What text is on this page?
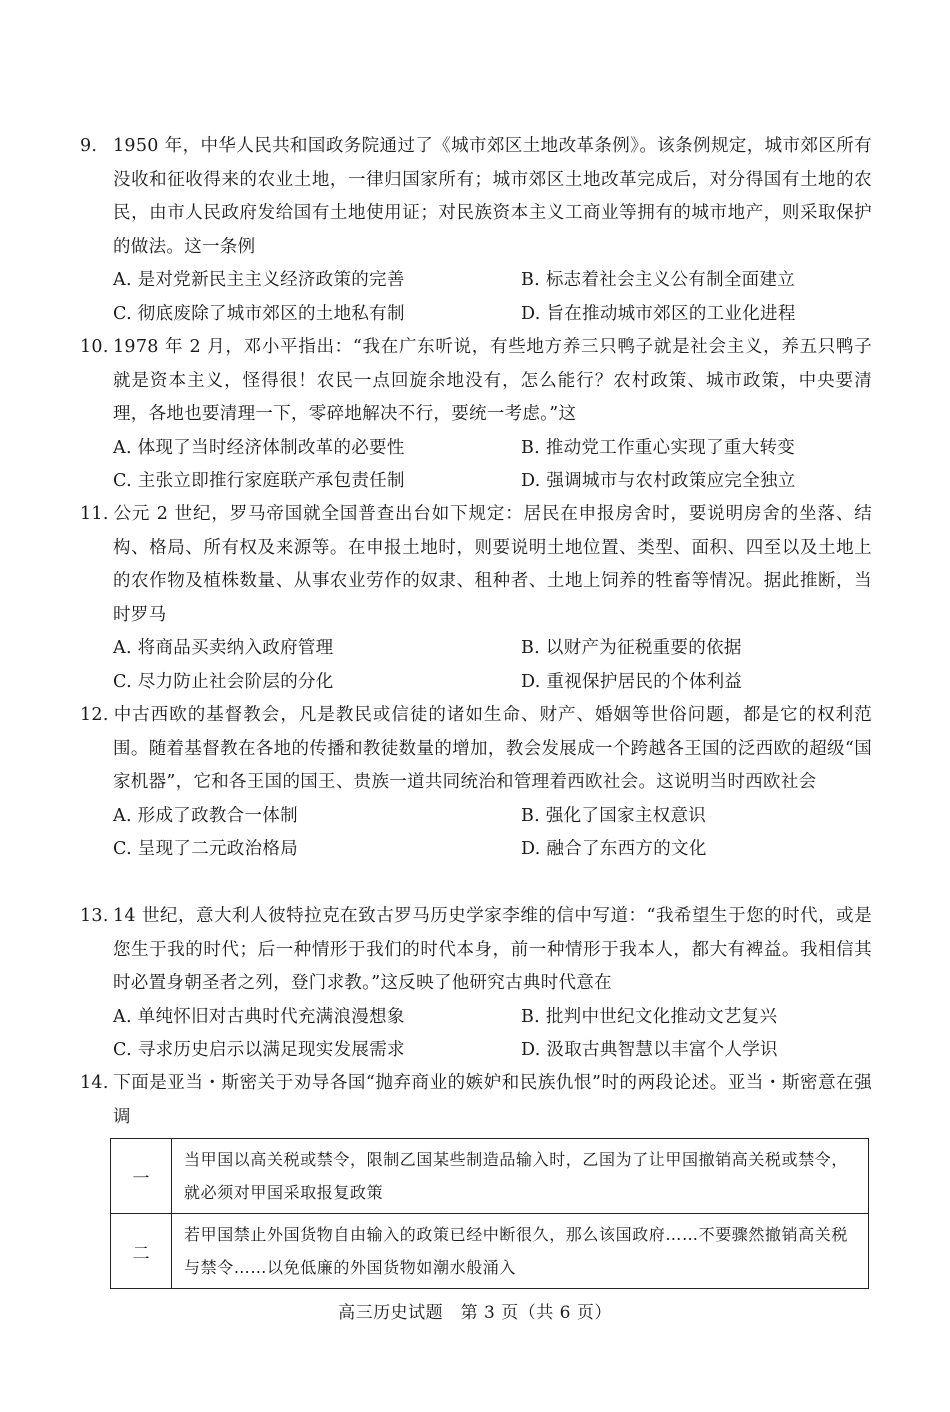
9. 1950 年，中华人民共和国政务院通过了《城市郊区土地改革条例》。该条例规定，城市郊区所有没收和征收得来的农业土地，一律归国家所有；城市郊区土地改革完成后，对分得国有土地的农民，由市人民政府发给国有土地使用证；对民族资本主义工商业等拥有的城市地产，则采取保护的做法。这一条例
A. 是对党新民主主义经济政策的完善	B. 标志着社会主义公有制全面建立
C. 彻底废除了城市郊区的土地私有制	D. 旨在推动城市郊区的工业化进程
10. 1978 年 2 月，邓小平指出：“我在广东听说，有些地方养三只鸭子就是社会主义，养五只鸭子就是资本主义，怪得很！农民一点回旋余地没有，怎么能行？农村政策、城市政策，中央要清理，各地也要清理一下，零碎地解决不行，要统一考虑。”这
A. 体现了当时经济体制改革的必要性	B. 推动党工作重心实现了重大转变
C. 主张立即推行家庭联产承包责任制	D. 强调城市与农村政策应完全独立
11. 公元 2 世纪，罗马帝国就全国普查出台如下规定：居民在申报房舍时，要说明房舍的坐落、结构、格局、所有权及来源等。在申报土地时，则要说明土地位置、类型、面积、四至以及土地上的农作物及植株数量、从事农业劳作的奴隶、租种者、土地上饲养的牲畜等情况。据此推断，当时罗马
A. 将商品买卖纳入政府管理	B. 以财产为征税重要的依据
C. 尽力防止社会阶层的分化	D. 重视保护居民的个体利益
12. 中古西欧的基督教会，凡是教民或信徒的诸如生命、财产、婚姻等世俗问题，都是它的权利范围。随着基督教在各地的传播和教徒数量的增加，教会发展成一个跨越各王国的泛西欧的超级“国家机器”，它和各王国的国王、贵族一道共同统治和管理着西欧社会。这说明当时西欧社会
A. 形成了政教合一体制	B. 强化了国家主权意识
C. 呈现了二元政治格局	D. 融合了东西方的文化
13. 14 世纪，意大利人彼特拉克在致古罗马历史学家李维的信中写道：“我希望生于您的时代，或是您生于我的时代；后一种情形于我们的时代本身，前一种情形于我本人，都大有裨益。我相信其时必置身朝圣者之列，登门求教。”这反映了他研究古典时代意在
A. 单纯怀旧对古典时代充满浪漫想象	B. 批判中世纪文化推动文艺复兴
C. 寻求历史启示以满足现实发展需求	D. 汲取古典智慧以丰富个人学识
14. 下面是亚当・斯密关于劝导各国“抛弃商业的嫉妒和民族仇恨”时的两段论述。亚当・斯密意在强调
一	当甲国以高关税或禁令，限制乙国某些制造品输入时，乙国为了让甲国撤销高关税或禁令，就必须对甲国采取报复政策
二	若甲国禁止外国货物自由输入的政策已经中断很久，那么该国政府……不要骤然撤销高关税与禁令……以免低廉的外国货物如潮水般涌入
高三历史试题　第 3 页（共 6 页）
